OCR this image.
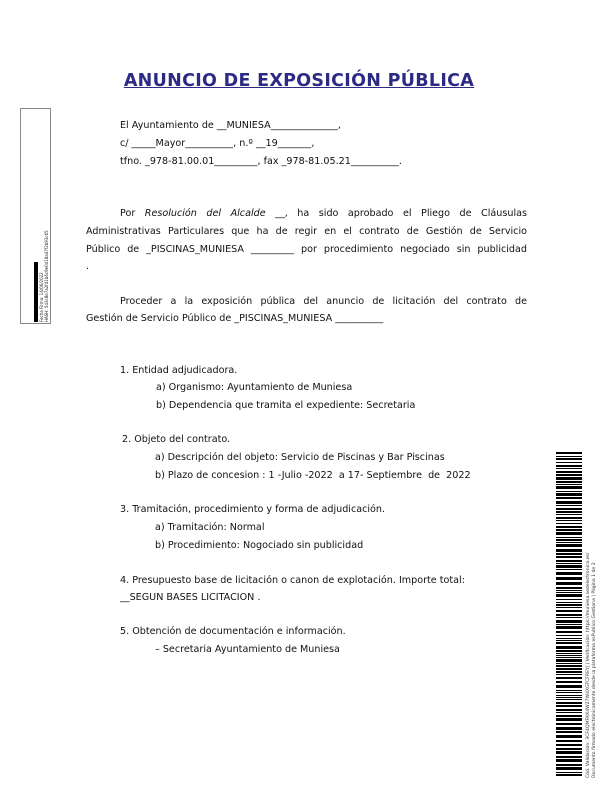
ANUNCIO DE EXPOSICIÓN PÚBLICA
Fecha Firma: 14/06/2022 HASH: 5d3c8e7a2f41b6c9e0d18a47f2b93c65
El Ayuntamiento de __MUNIESA______________,
c/ _____Mayor__________, n.º __19_______,
tfno. _978-81.00.01_________, fax _978-81.05.21__________.
Por Resolución del Alcalde __, ha sido aprobado el Pliego de Cláusulas
Administrativas Particulares que ha de regir en el contrato de Gestión de Servicio
Público de _PISCINAS_MUNIESA _________ por procedimiento negociado sin publicidad
.
Proceder a la exposición pública del anuncio de licitación del contrato de
Gestión de Servicio Público de _PISCINAS_MUNIESA __________
1. Entidad adjudicadora.
a) Organismo: Ayuntamiento de Muniesa
b) Dependencia que tramita el expediente: Secretaria
2. Objeto del contrato.
a) Descripción del objeto: Servicio de Piscinas y Bar Piscinas
b) Plazo de concesion : 1 -Julio -2022  a 17- Septiembre  de  2022
3. Tramitación, procedimiento y forma de adjudicación.
a) Tramitación: Normal
b) Procedimiento: Nogociado sin publicidad
4. Presupuesto base de licitación o canon de explotación. Importe total:
__SEGUN BASES LICITACION .
5. Obtención de documentación e información.
– Secretaria Ayuntamiento de Muniesa	Cód. Validación: 3CF4QMFKK4W27W4XGTCFREYJ | Verificación: https://muniesa.sedelectronica.es/ Documento firmado electrónicamente desde la plataforma esPublico Gestiona | Página 1 de 2
